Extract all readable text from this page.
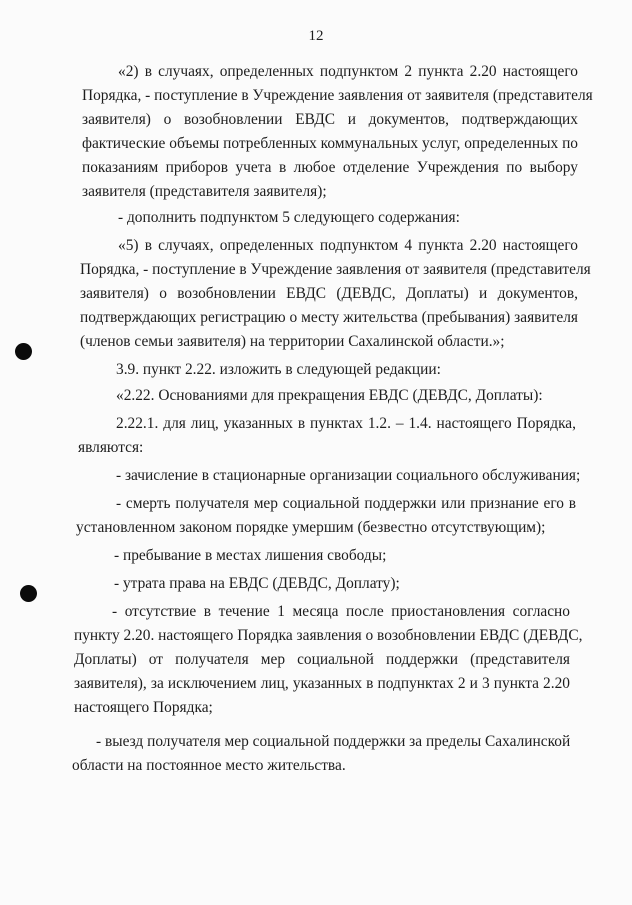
12
«2) в случаях, определенных подпунктом 2 пункта 2.20 настоящего
Порядка, - поступление в Учреждение заявления от заявителя (представителя
заявителя) о возобновлении ЕВДС и документов, подтверждающих
фактические объемы потребленных коммунальных услуг, определенных по
показаниям приборов учета в любое отделение Учреждения по выбору
заявителя (представителя заявителя);
- дополнить подпунктом 5 следующего содержания:
«5) в случаях, определенных подпунктом 4 пункта 2.20 настоящего
Порядка, - поступление в Учреждение заявления от заявителя (представителя
заявителя) о возобновлении ЕВДС (ДЕВДС, Доплаты) и документов,
подтверждающих регистрацию о месту жительства (пребывания) заявителя
(членов семьи заявителя) на территории Сахалинской области.»;
3.9. пункт 2.22. изложить в следующей редакции:
«2.22. Основаниями для прекращения ЕВДС (ДЕВДС, Доплаты):
2.22.1. для лиц, указанных в пунктах 1.2. – 1.4. настоящего Порядка,
являются:
- зачисление в стационарные организации социального обслуживания;
- смерть получателя мер социальной поддержки или признание его в
установленном законом порядке умершим (безвестно отсутствующим);
- пребывание в местах лишения свободы;
- утрата права на ЕВДС (ДЕВДС, Доплату);
- отсутствие в течение 1 месяца после приостановления согласно
пункту 2.20. настоящего Порядка заявления о возобновлении ЕВДС (ДЕВДС,
Доплаты) от получателя мер социальной поддержки (представителя
заявителя), за исключением лиц, указанных в подпунктах 2 и 3 пункта 2.20
настоящего Порядка;
- выезд получателя мер социальной поддержки за пределы Сахалинской
области на постоянное место жительства.
